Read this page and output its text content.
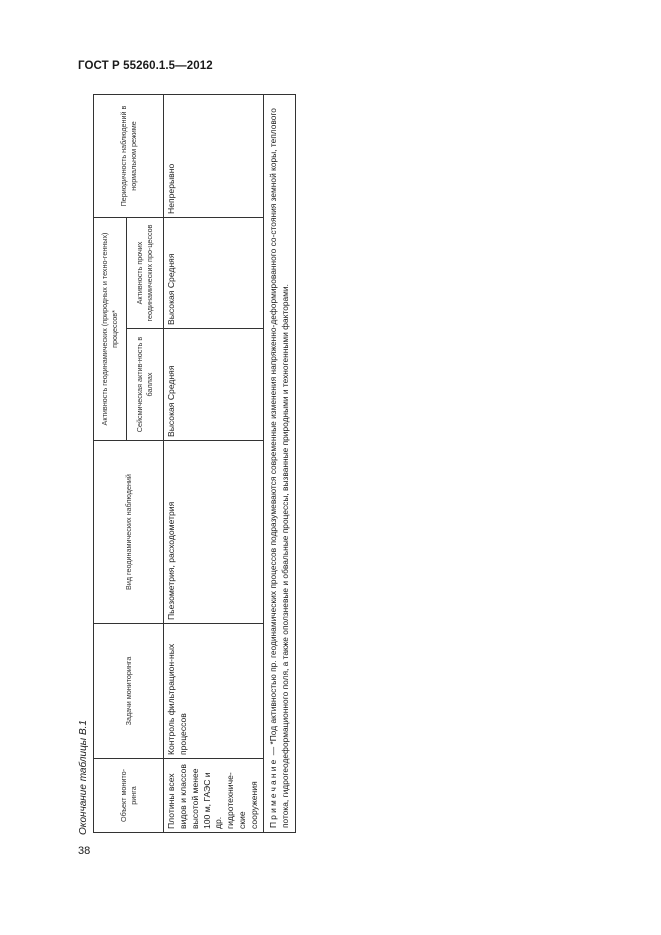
ГОСТ Р 55260.1.5—2012
Окончание таблицы В.1	Объект монито-ринга	Задачи мониторинга	Вид геодинамических наблюдений	Активность геодинамических (природных и техно-генных) процессов*		Периодичность наблюдений в нормальном режиме
			Сейсмическая актив-ность в баллах	Активность прочих геодинамических про-цессов	
Плотины всех видов и классов высотой менее 100 м, ГАЭС и др. гидротехниче-ские сооружения	Контроль фильтрацион-ных процессов	Пьезометрия, расходометрия	Высокая Средняя	Высокая Средняя	Непрерывно
Примечание — *Под активностью пр. геодинамических процессов подразумеваются современные изменения напряженно-деформированного со-стояния земной коры, теплового потока, гидрогеодеформационного поля, а также оползневые и обвальные процессы, вызванные природными и техногенными факторами.					
38
